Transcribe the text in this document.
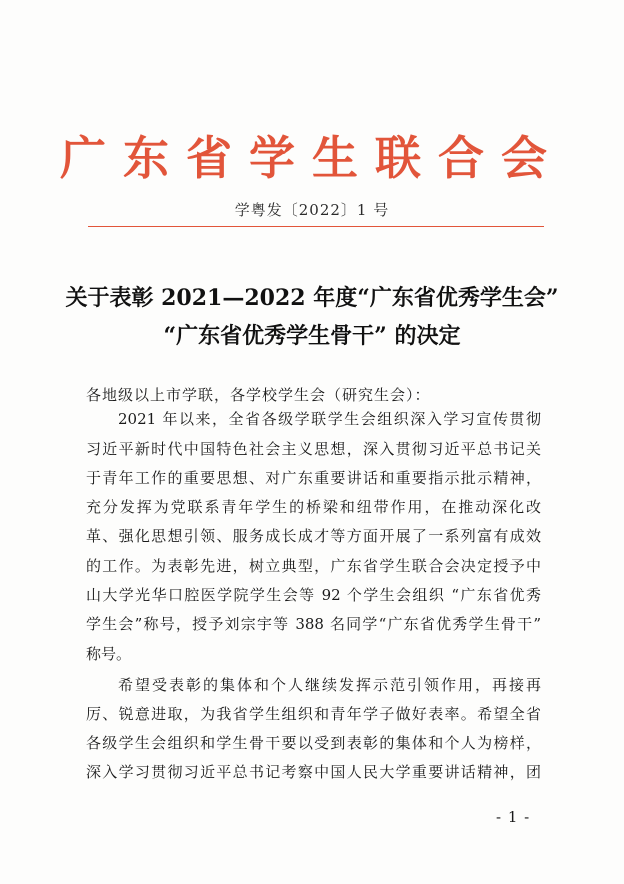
广东省学生联合会
学粤发〔2022〕1 号
关于表彰 2021—2022 年度“广东省优秀学生会”
“广东省优秀学生骨干” 的决定
各地级以上市学联，各学校学生会（研究生会）：
2021 年以来，全省各级学联学生会组织深入学习宣传贯彻
习近平新时代中国特色社会主义思想，深入贯彻习近平总书记关
于青年工作的重要思想、对广东重要讲话和重要指示批示精神，
充分发挥为党联系青年学生的桥梁和纽带作用，在推动深化改
革、强化思想引领、服务成长成才等方面开展了一系列富有成效
的工作。为表彰先进，树立典型，广东省学生联合会决定授予中
山大学光华口腔医学院学生会等 92 个学生会组织 “广东省优秀
学生会”称号，授予刘宗宇等 388 名同学“广东省优秀学生骨干”
称号。
希望受表彰的集体和个人继续发挥示范引领作用，再接再
厉、锐意进取，为我省学生组织和青年学子做好表率。希望全省
各级学生会组织和学生骨干要以受到表彰的集体和个人为榜样，
深入学习贯彻习近平总书记考察中国人民大学重要讲话精神，团
- 1 -
